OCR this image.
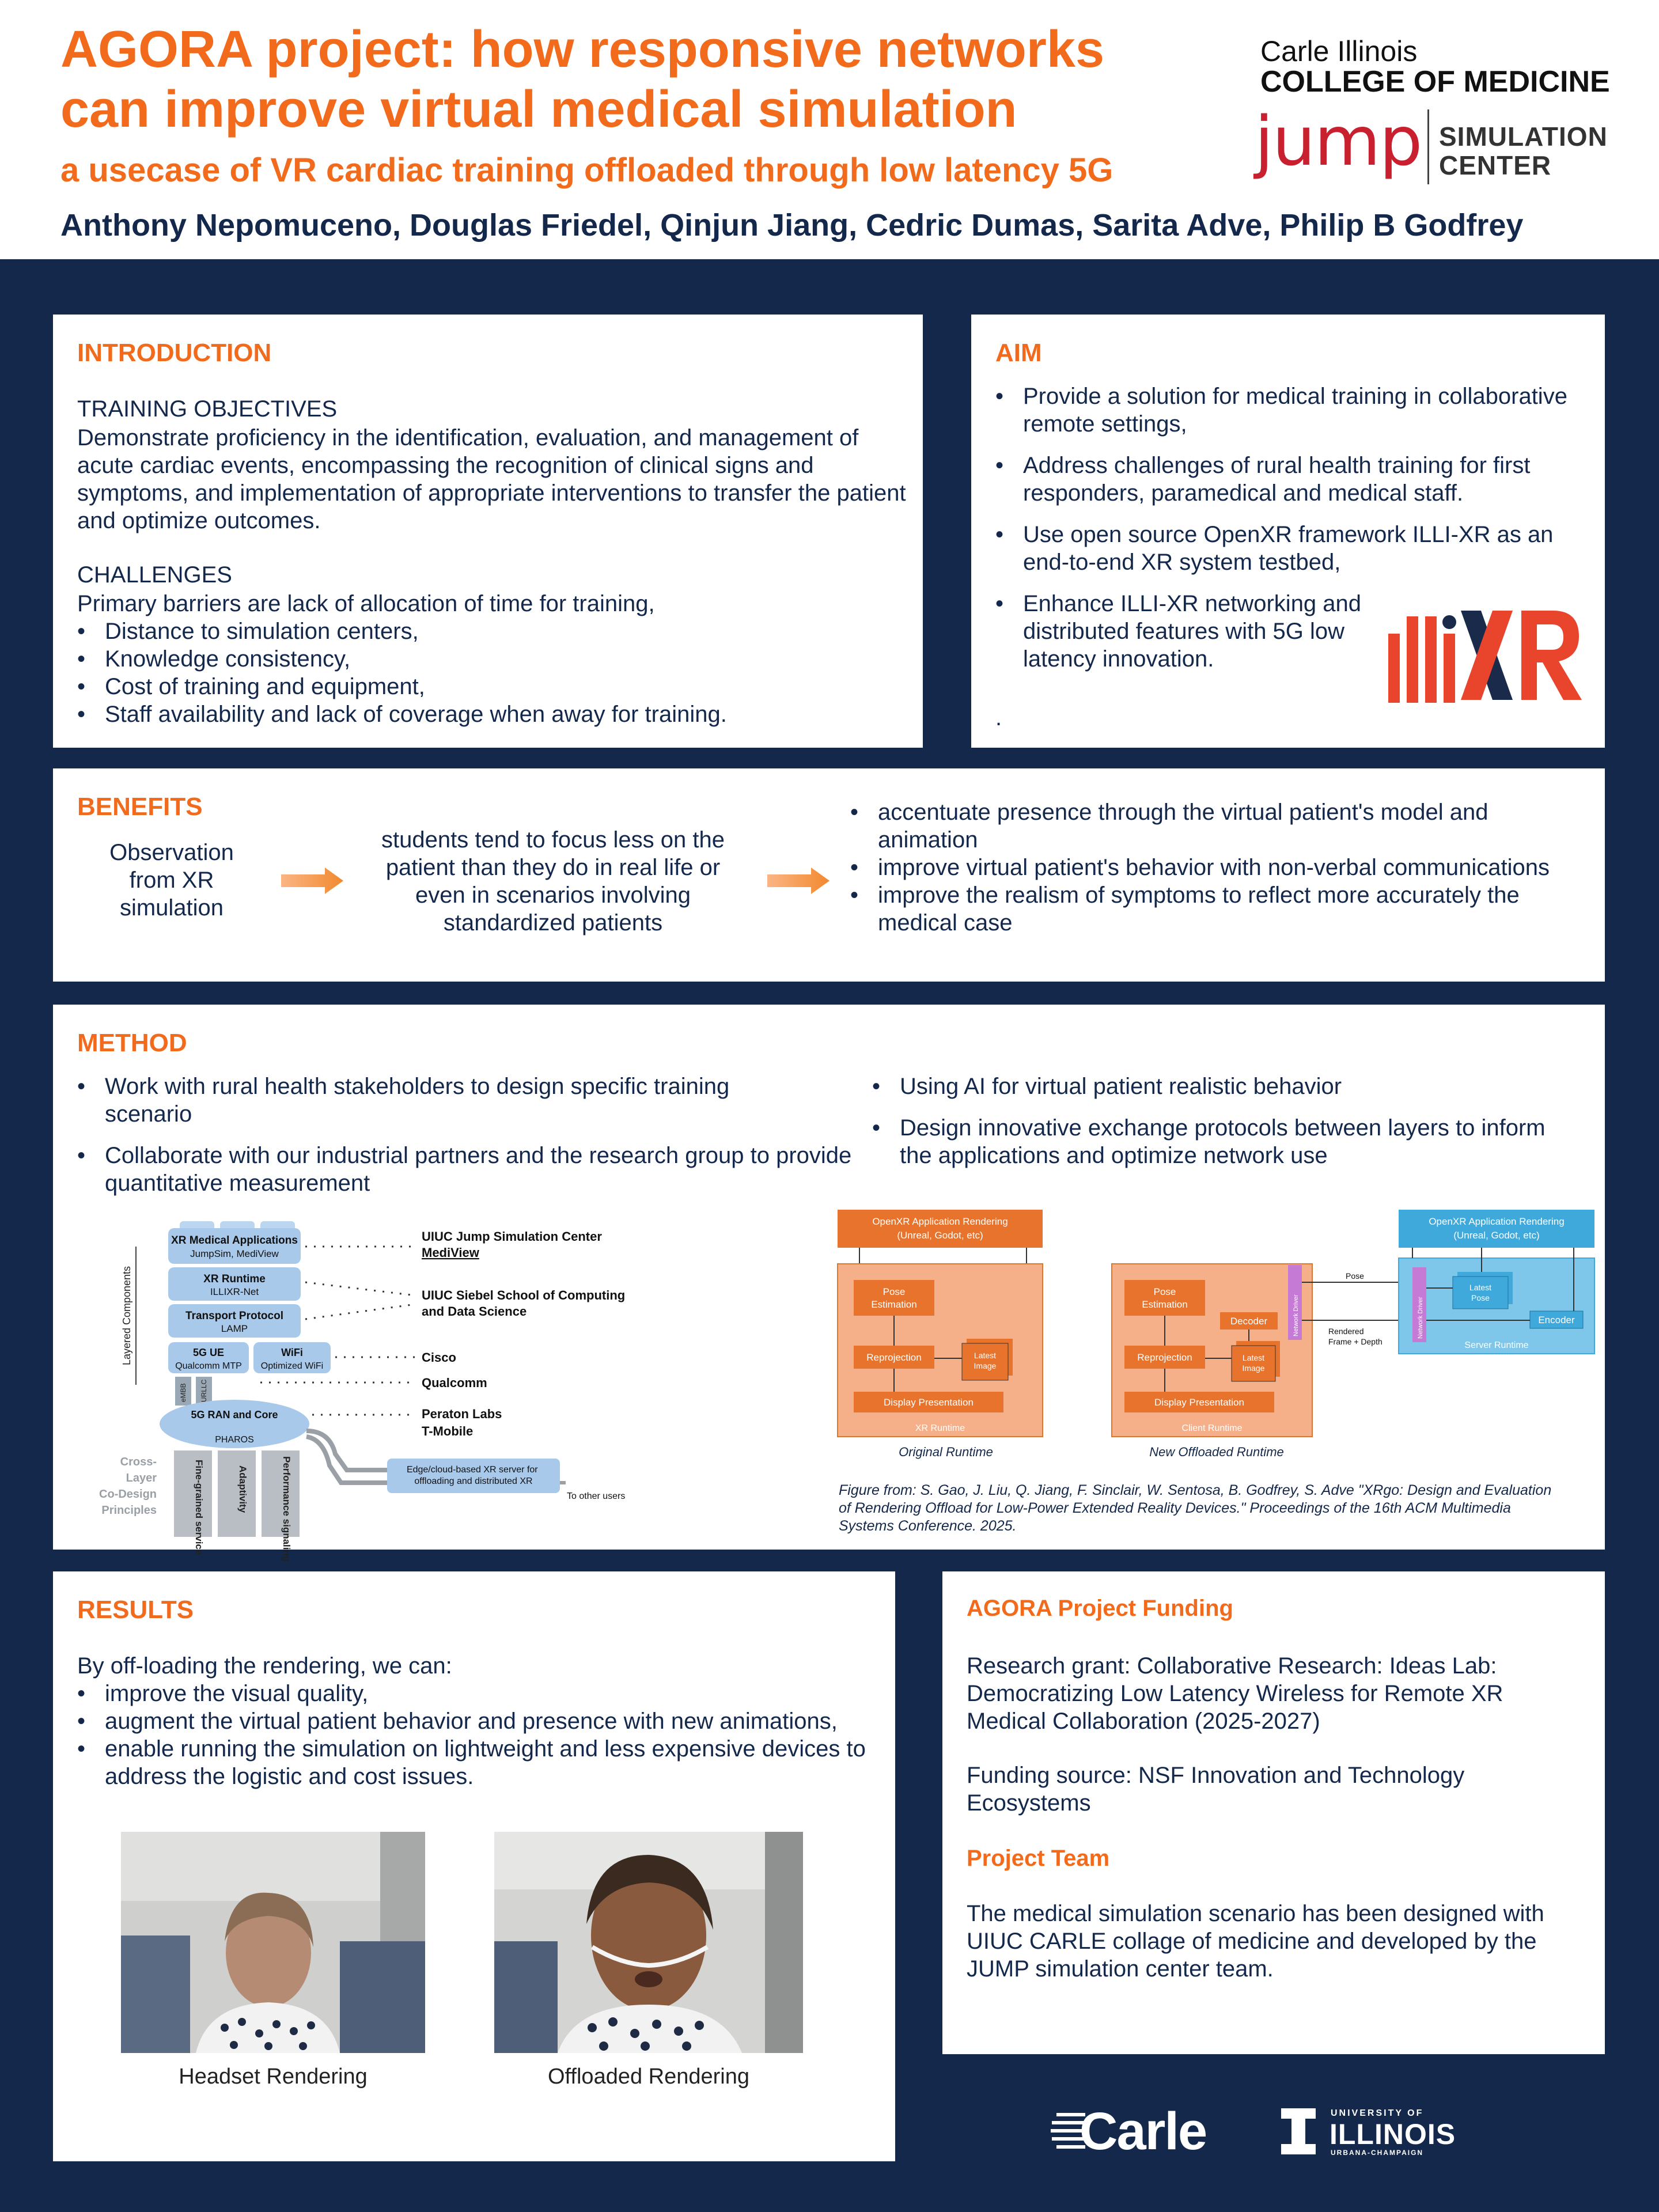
AGORA project: how responsive networks
can improve virtual medical simulation
a usecase of VR cardiac training offloaded through low latency 5G
Anthony Nepomuceno, Douglas Friedel, Qinjun Jiang, Cedric Dumas, Sarita Adve, Philip B Godfrey
Carle Illinois
COLLEGE OF MEDICINE
jump SIMULATION
CENTER
INTRODUCTION
TRAINING OBJECTIVES
Demonstrate proficiency in the identification, evaluation, and management of acute cardiac events, encompassing the recognition of clinical signs and symptoms, and implementation of appropriate interventions to transfer the patient and optimize outcomes.
CHALLENGES
Primary barriers are lack of allocation of time for training,
• Distance to simulation centers,
• Knowledge consistency,
• Cost of training and equipment,
• Staff availability and lack of coverage when away for training.
AIM
• Provide a solution for medical training in collaborative remote settings,
• Address challenges of rural health training for first responders, paramedical and medical staff.
• Use open source OpenXR framework ILLI-XR as an end-to-end XR system testbed,
• Enhance ILLI-XR networking and distributed features with 5G low latency innovation.
.
BENEFITS
Observation from XR simulation
students tend to focus less on the patient than they do in real life or even in scenarios involving standardized patients
• accentuate presence through the virtual patient's model and animation
• improve virtual patient's behavior with non-verbal communications
• improve the realism of symptoms to reflect more accurately the medical case
METHOD
• Work with rural health stakeholders to design specific training scenario
• Collaborate with our industrial partners and the research group to provide quantitative measurement
• Using AI for virtual patient realistic behavior
• Design innovative exchange protocols between layers to inform the applications and optimize network use
Layered Components
XR Medical Applications
JumpSim, MediView
UIUC Jump Simulation Center
MediView
XR Runtime
ILLIXR-Net	UIUC Siebel School of Computing
and Data Science
Transport Protocol
LAMP
5G UE
Qualcomm MTP
WiFi
Optimized WiFi
Cisco
Qualcomm
eMBB URLLC
5G RAN and Core
PHAROS
Peraton Labs
T-Mobile
Edge/cloud-based XR server for offloading and distributed XR
To other users
Cross-
Layer
Co-Design
Principles	Fine-grained service	Adaptivity	Performance signaling
OpenXR Application Rendering
(Unreal, Godot, etc)
Pose Estimation
Reprojection	Latest Image
Display Presentation
XR Runtime
Original Runtime
Pose Estimation
Reprojection
Decoder
Latest Image
Display Presentation
Client Runtime
Network Driver
New Offloaded Runtime
Pose
Rendered
Frame + Depth
OpenXR Application Rendering
(Unreal, Godot, etc)
Network Driver
Latest Pose
Encoder
Server Runtime
Figure from: S. Gao, J. Liu, Q. Jiang, F. Sinclair, W. Sentosa, B. Godfrey, S. Adve "XRgo: Design and Evaluation of Rendering Offload for Low-Power Extended Reality Devices." Proceedings of the 16th ACM Multimedia Systems Conference. 2025.
RESULTS
By off-loading the rendering, we can:
• improve the visual quality,
• augment the virtual patient behavior and presence with new animations,
• enable running the simulation on lightweight and less expensive devices to address the logistic and cost issues.
Headset Rendering	Offloaded Rendering
AGORA Project Funding
Research grant: Collaborative Research: Ideas Lab: Democratizing Low Latency Wireless for Remote XR Medical Collaboration (2025-2027)
Funding source: NSF Innovation and Technology Ecosystems
Project Team
The medical simulation scenario has been designed with UIUC CARLE collage of medicine and developed by the JUMP simulation center team.
Carle	UNIVERSITY OF
ILLINOIS
URBANA-CHAMPAIGN
